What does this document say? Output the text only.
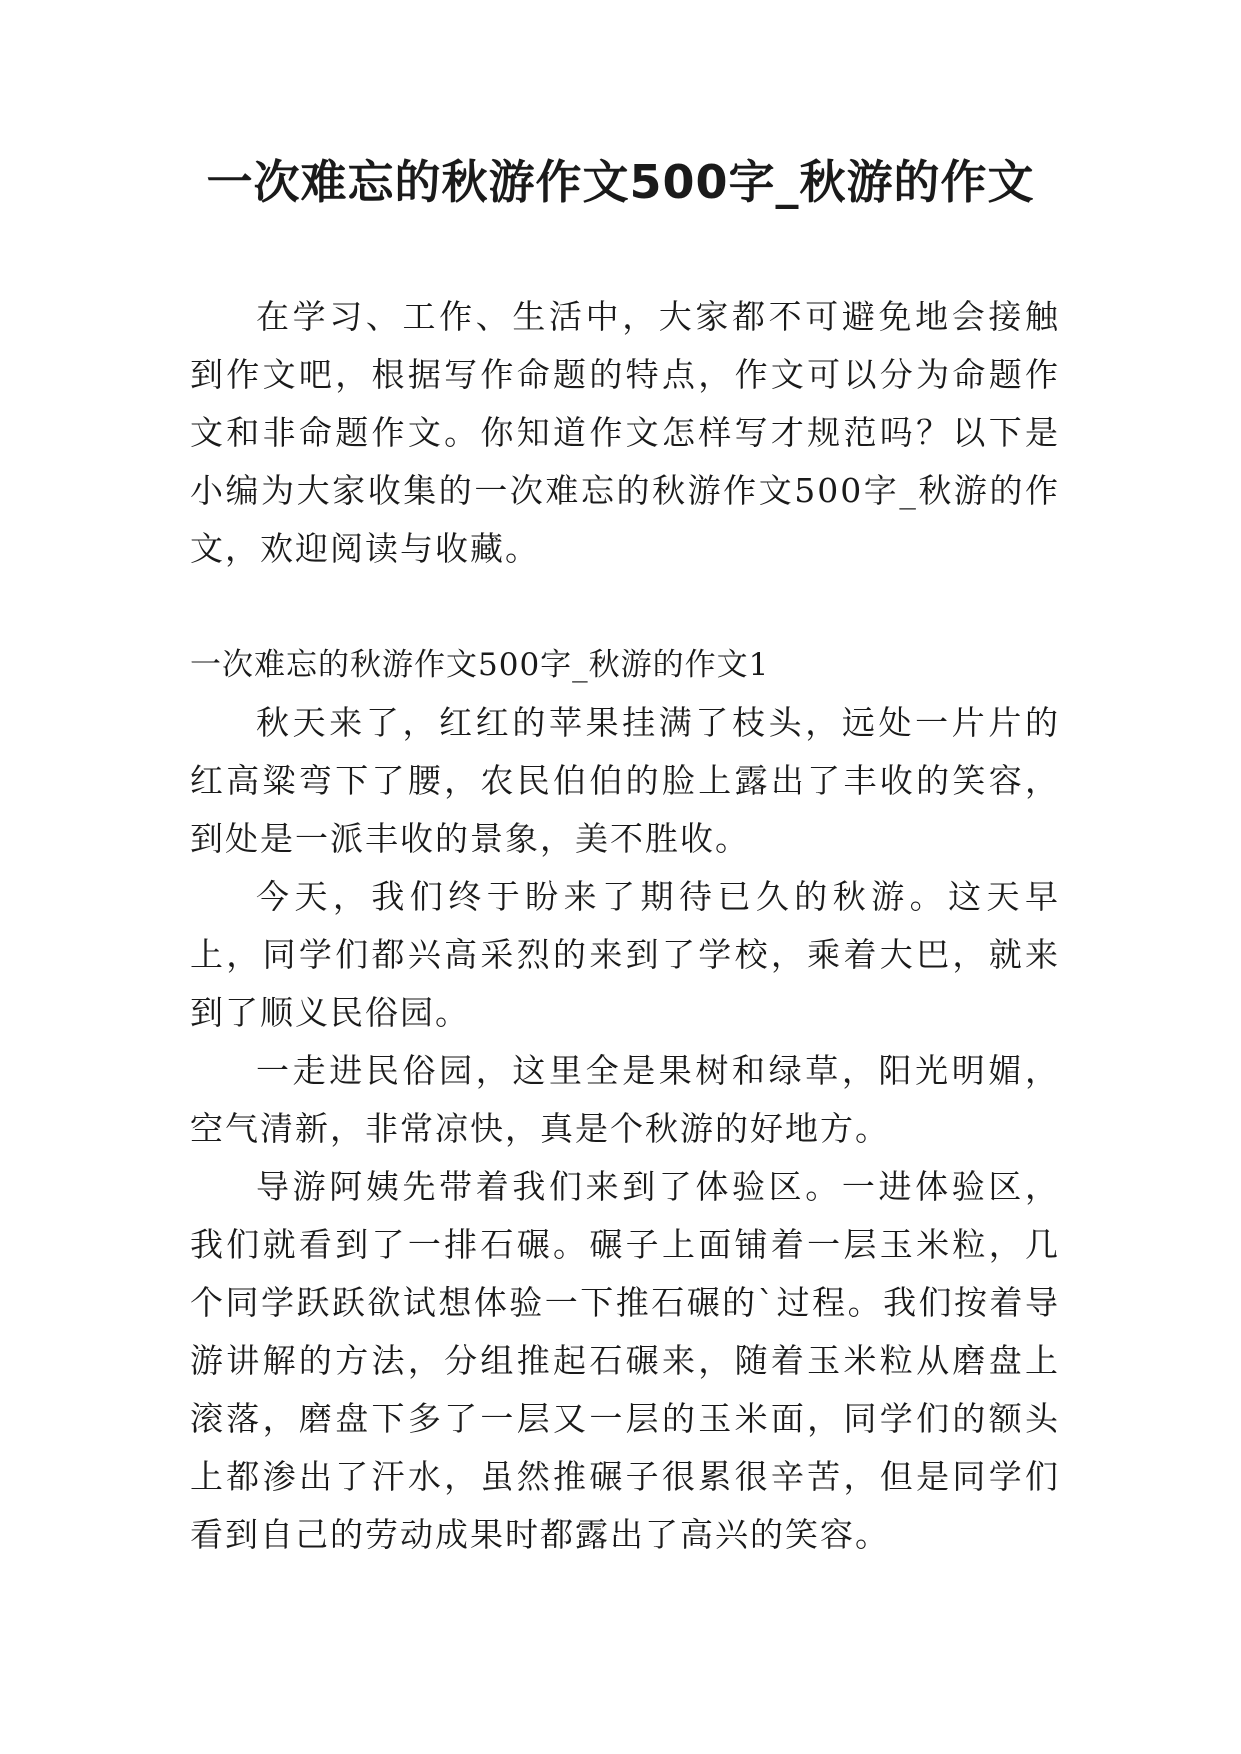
一次难忘的秋游作文500字_秋游的作文

在学习、工作、生活中，大家都不可避免地会接触到作文吧，根据写作命题的特点，作文可以分为命题作文和非命题作文。你知道作文怎样写才规范吗？以下是小编为大家收集的一次难忘的秋游作文500字_秋游的作文，欢迎阅读与收藏。

一次难忘的秋游作文500字_秋游的作文1

秋天来了，红红的苹果挂满了枝头，远处一片片的红高粱弯下了腰，农民伯伯的脸上露出了丰收的笑容，到处是一派丰收的景象，美不胜收。

今天，我们终于盼来了期待已久的秋游。这天早上，同学们都兴高采烈的来到了学校，乘着大巴，就来到了顺义民俗园。

一走进民俗园，这里全是果树和绿草，阳光明媚，空气清新，非常凉快，真是个秋游的好地方。

导游阿姨先带着我们来到了体验区。一进体验区，我们就看到了一排石碾。碾子上面铺着一层玉米粒，几个同学跃跃欲试想体验一下推石碾的`过程。我们按着导游讲解的方法，分组推起石碾来，随着玉米粒从磨盘上滚落，磨盘下多了一层又一层的玉米面，同学们的额头上都渗出了汗水，虽然推碾子很累很辛苦，但是同学们看到自己的劳动成果时都露出了高兴的笑容。
